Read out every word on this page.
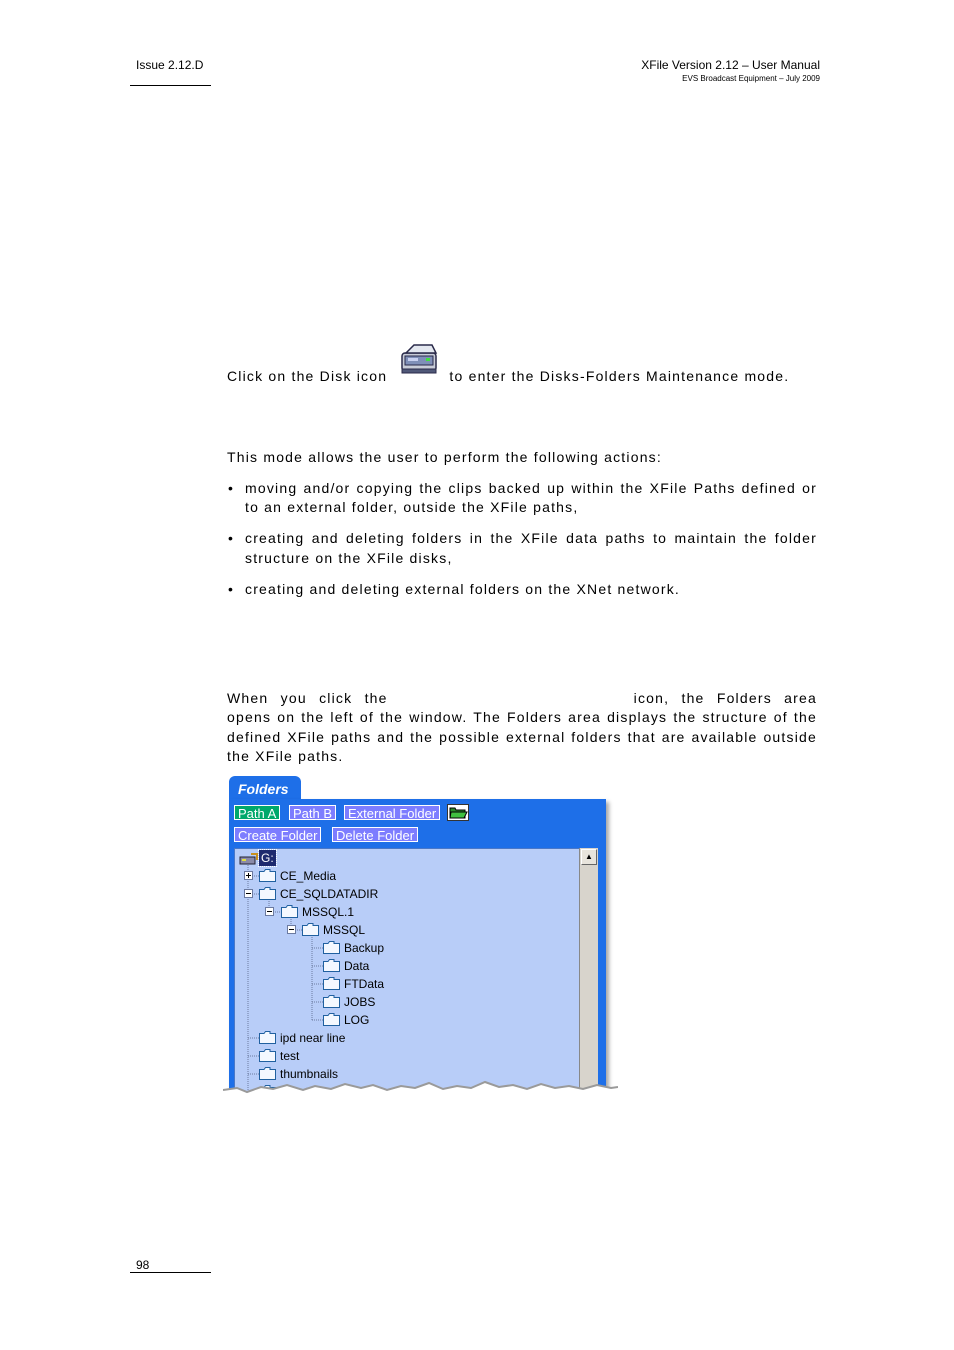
Issue 2.12.D	XFile Version 2.12 – User Manual
EVS Broadcast Equipment – July 2009
Click on the Disk icon	to enter the Disks-Folders Maintenance mode.
This mode allows the user to perform the following actions:
• moving and/or copying the clips backed up within the XFile Paths defined or to an external folder, outside the XFile paths,
• creating and deleting folders in the XFile data paths to maintain the folder structure on the XFile disks,
• creating and deleting external folders on the XNet network.
When you click the	icon, the Folders area opens on the left of the window. The Folders area displays the structure of the defined XFile paths and the possible external folders that are available outside the XFile paths.
Folders
Path A	Path B	External Folder
Create Folder	Delete Folder
G:
CE_Media
CE_SQLDATADIR
MSSQL.1
MSSQL
Backup
Data
FTData
JOBS
LOG
ipd near line
test
thumbnails
▲
98
